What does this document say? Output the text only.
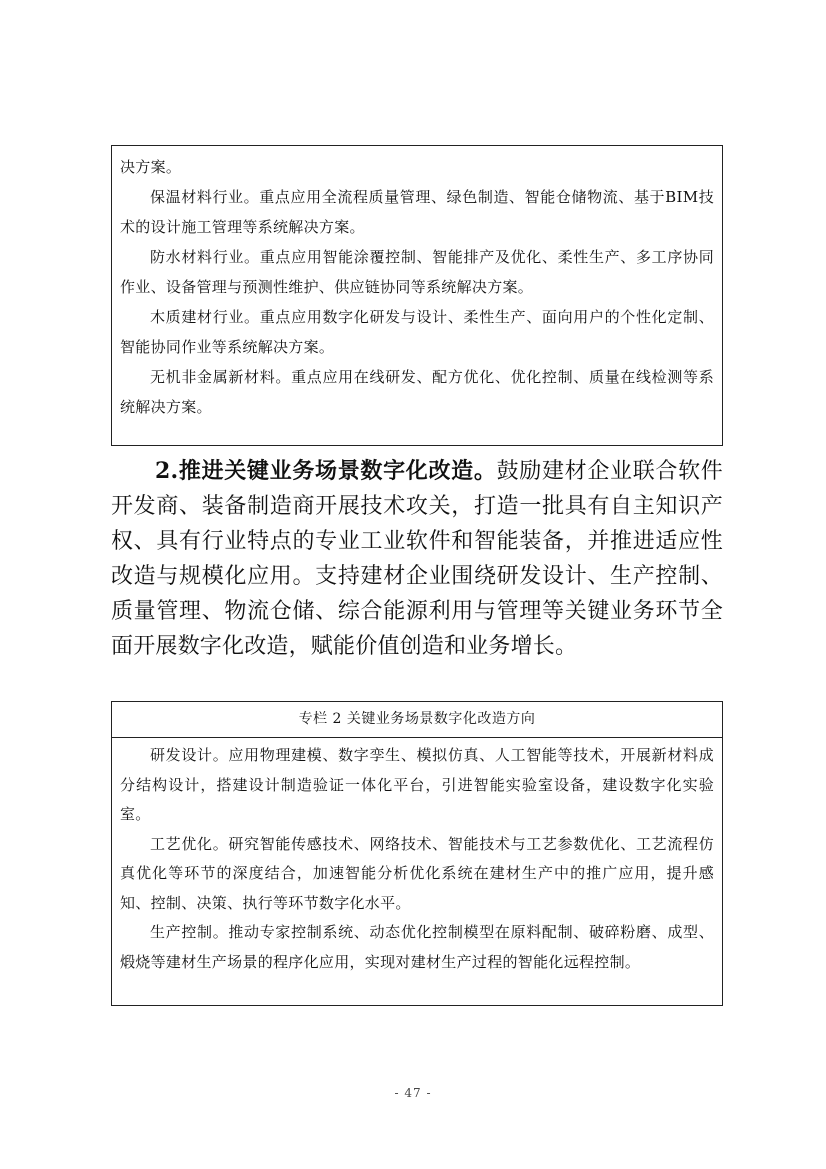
决方案。

保温材料行业。重点应用全流程质量管理、绿色制造、智能仓储物流、基于BIM技术的设计施工管理等系统解决方案。

防水材料行业。重点应用智能涂覆控制、智能排产及优化、柔性生产、多工序协同作业、设备管理与预测性维护、供应链协同等系统解决方案。

木质建材行业。重点应用数字化研发与设计、柔性生产、面向用户的个性化定制、智能协同作业等系统解决方案。

无机非金属新材料。重点应用在线研发、配方优化、优化控制、质量在线检测等系统解决方案。

2.推进关键业务场景数字化改造。鼓励建材企业联合软件开发商、装备制造商开展技术攻关，打造一批具有自主知识产权、具有行业特点的专业工业软件和智能装备，并推进适应性改造与规模化应用。支持建材企业围绕研发设计、生产控制、质量管理、物流仓储、综合能源利用与管理等关键业务环节全面开展数字化改造，赋能价值创造和业务增长。

专栏 2 关键业务场景数字化改造方向

研发设计。应用物理建模、数字孪生、模拟仿真、人工智能等技术，开展新材料成分结构设计，搭建设计制造验证一体化平台，引进智能实验室设备，建设数字化实验室。

工艺优化。研究智能传感技术、网络技术、智能技术与工艺参数优化、工艺流程仿真优化等环节的深度结合，加速智能分析优化系统在建材生产中的推广应用，提升感知、控制、决策、执行等环节数字化水平。

生产控制。推动专家控制系统、动态优化控制模型在原料配制、破碎粉磨、成型、煅烧等建材生产场景的程序化应用，实现对建材生产过程的智能化远程控制。

- 47 -
